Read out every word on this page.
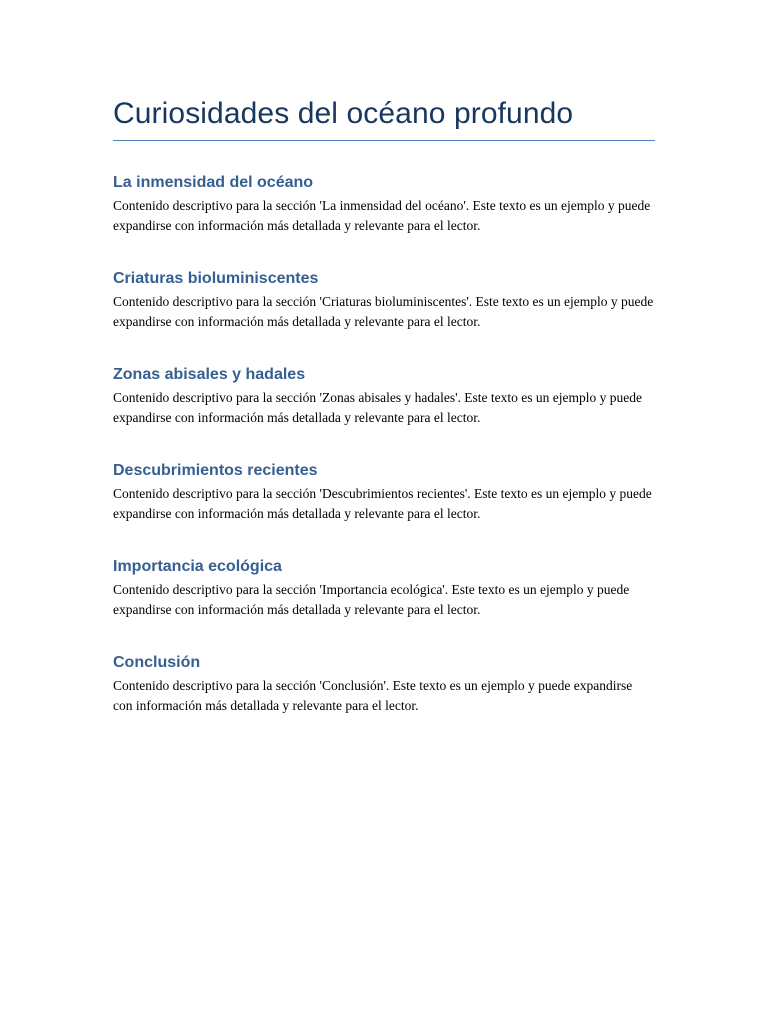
Curiosidades del océano profundo
La inmensidad del océano

Contenido descriptivo para la sección 'La inmensidad del océano'. Este texto es un ejemplo y puede expandirse con información más detallada y relevante para el lector.

Criaturas bioluminiscentes

Contenido descriptivo para la sección 'Criaturas bioluminiscentes'. Este texto es un ejemplo y puede expandirse con información más detallada y relevante para el lector.

Zonas abisales y hadales

Contenido descriptivo para la sección 'Zonas abisales y hadales'. Este texto es un ejemplo y puede expandirse con información más detallada y relevante para el lector.

Descubrimientos recientes

Contenido descriptivo para la sección 'Descubrimientos recientes'. Este texto es un ejemplo y puede expandirse con información más detallada y relevante para el lector.

Importancia ecológica

Contenido descriptivo para la sección 'Importancia ecológica'. Este texto es un ejemplo y puede expandirse con información más detallada y relevante para el lector.

Conclusión

Contenido descriptivo para la sección 'Conclusión'. Este texto es un ejemplo y puede expandirse con información más detallada y relevante para el lector.
